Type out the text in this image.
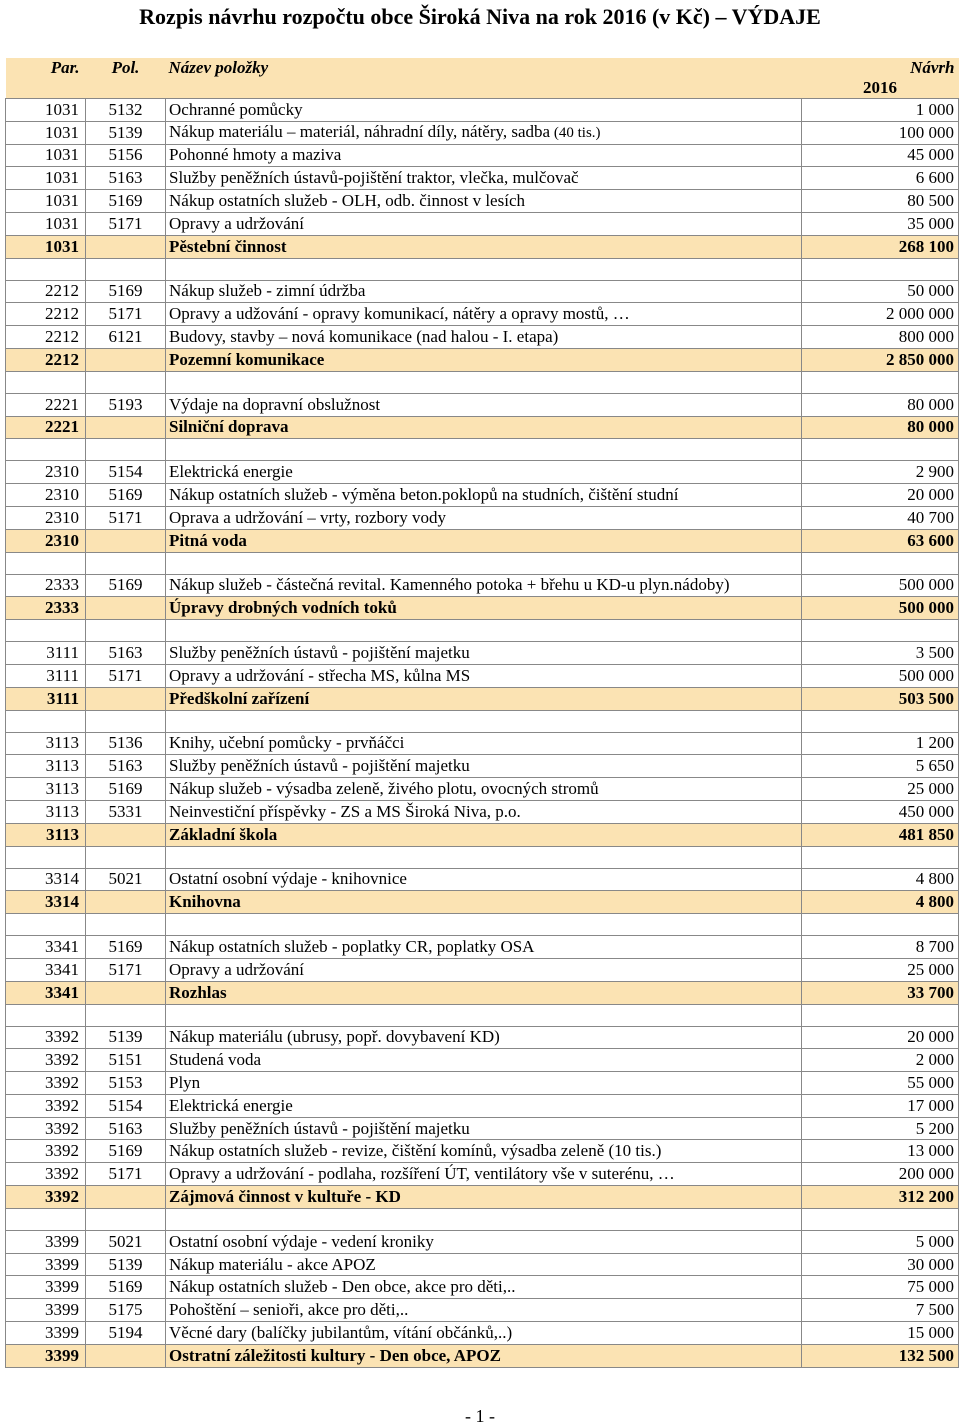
Rozpis návrhu rozpočtu obce Široká Niva na rok 2016 (v Kč) – VÝDAJE
Par.	Pol.	Název položky	Návrh
			2016
1031	5132	Ochranné pomůcky	1 000
1031	5139	Nákup materiálu – materiál, náhradní díly, nátěry, sadba (40 tis.)	100 000
1031	5156	Pohonné hmoty a maziva	45 000
1031	5163	Služby peněžních ústavů-pojištění traktor, vlečka, mulčovač	6 600
1031	5169	Nákup ostatních služeb - OLH, odb. činnost v lesích	80 500
1031	5171	Opravy a udržování	35 000
1031		Pěstební činnost	268 100

2212	5169	Nákup služeb - zimní údržba	50 000
2212	5171	Opravy a udžování - opravy komunikací, nátěry a opravy mostů, …	2 000 000
2212	6121	Budovy, stavby – nová komunikace (nad halou - I. etapa)	800 000
2212		Pozemní komunikace	2 850 000

2221	5193	Výdaje na dopravní obslužnost	80 000
2221		Silniční doprava	80 000

2310	5154	Elektrická energie	2 900
2310	5169	Nákup ostatních služeb - výměna beton.poklopů na studních, čištění studní	20 000
2310	5171	Oprava a udržování – vrty, rozbory vody	40 700
2310		Pitná voda	63 600

2333	5169	Nákup služeb - částečná revital. Kamenného potoka + břehu u KD-u plyn.nádoby)	500 000
2333		Úpravy drobných vodních toků	500 000

3111	5163	Služby peněžních ústavů - pojištění majetku	3 500
3111	5171	Opravy a udržování - střecha MS, kůlna MS	500 000
3111		Předškolní zařízení	503 500

3113	5136	Knihy, učební pomůcky - prvňáčci	1 200
3113	5163	Služby peněžních ústavů - pojištění majetku	5 650
3113	5169	Nákup služeb - výsadba zeleně, živého plotu, ovocných stromů	25 000
3113	5331	Neinvestiční příspěvky - ZS a MS Široká Niva, p.o.	450 000
3113		Základní škola	481 850

3314	5021	Ostatní osobní výdaje - knihovnice	4 800
3314		Knihovna	4 800

3341	5169	Nákup ostatních služeb - poplatky CR, poplatky OSA	8 700
3341	5171	Opravy a udržování	25 000
3341		Rozhlas	33 700

3392	5139	Nákup materiálu (ubrusy, popř. dovybavení KD)	20 000
3392	5151	Studená voda	2 000
3392	5153	Plyn	55 000
3392	5154	Elektrická energie	17 000
3392	5163	Služby peněžních ústavů - pojištění majetku	5 200
3392	5169	Nákup ostatních služeb - revize, čištění komínů, výsadba zeleně (10 tis.)	13 000
3392	5171	Opravy a udržování - podlaha, rozšíření ÚT, ventilátory vše v suterénu, …	200 000
3392		Zájmová činnost v kultuře - KD	312 200

3399	5021	Ostatní osobní výdaje - vedení kroniky	5 000
3399	5139	Nákup materiálu - akce APOZ	30 000
3399	5169	Nákup ostatních služeb - Den obce, akce pro děti,..	75 000
3399	5175	Pohoštění – senioři, akce pro děti,..	7 500
3399	5194	Věcné dary (balíčky jubilantům, vítání občánků,..)	15 000
3399		Ostratní záležitosti kultury - Den obce, APOZ	132 500
- 1 -
